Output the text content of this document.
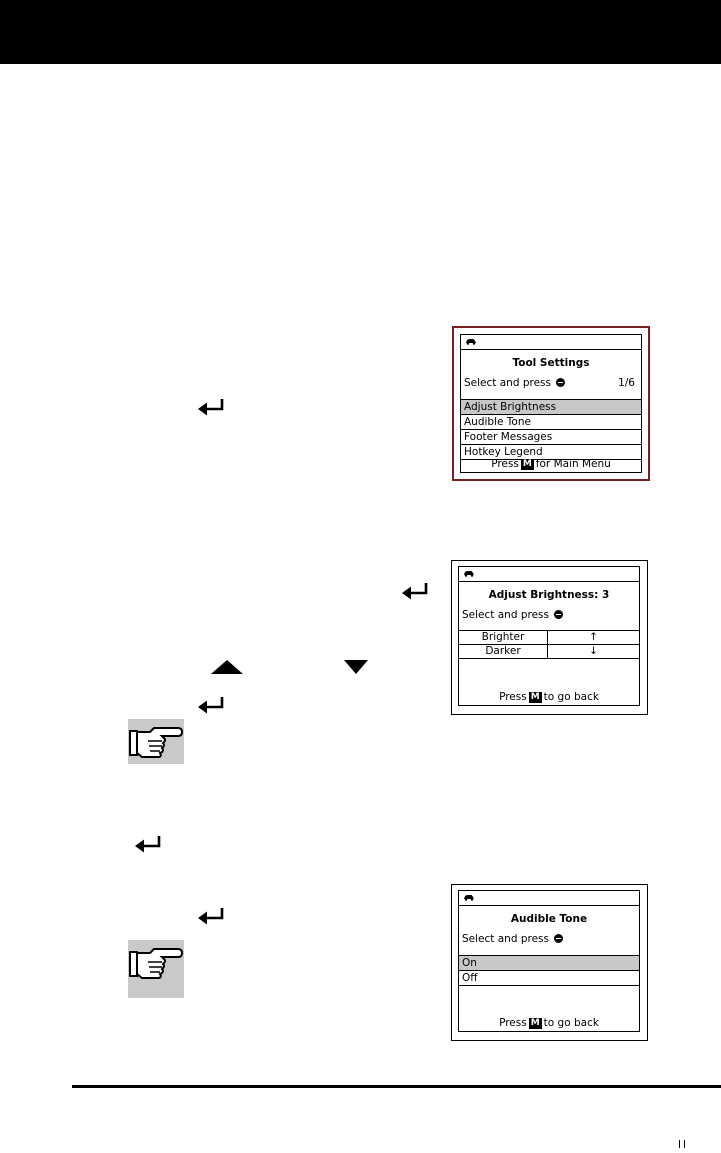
Tool Settings
Select and press	1/6
Adjust Brightness
Audible Tone
Footer Messages
Hotkey Legend
Press M for Main Menu
Adjust Brightness: 3
Select and press
Brighter	↑
Darker	↓
Press M to go back
Audible Tone
Select and press
On
Off
Press M to go back
